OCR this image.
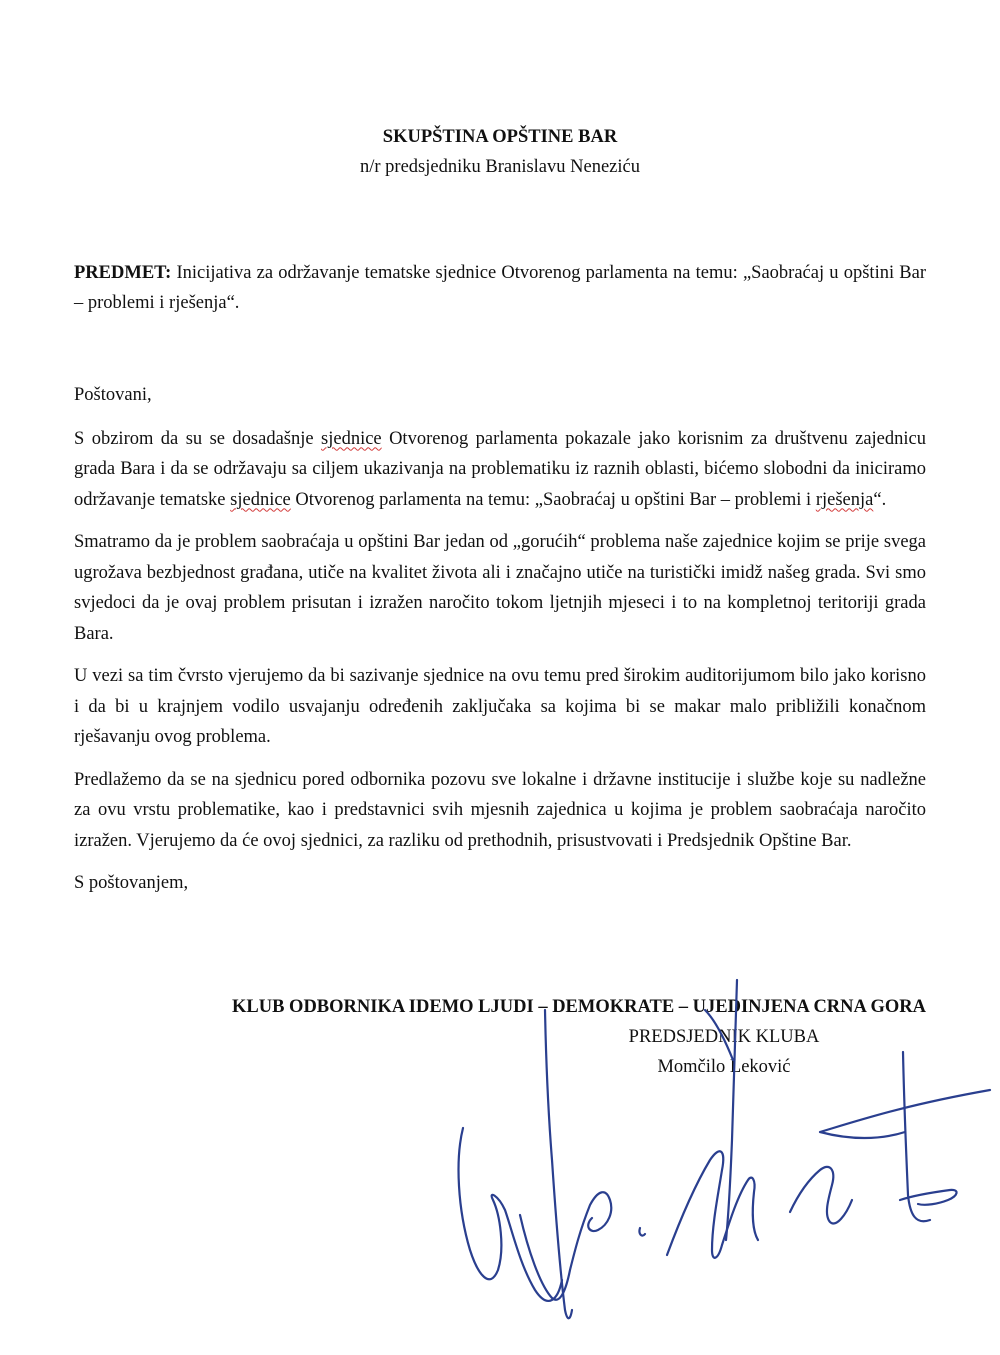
SKUPŠTINA OPŠTINE BAR
n/r predsjedniku Branislavu Neneziću
PREDMET: Inicijativa za održavanje tematske sjednice Otvorenog parlamenta na temu: „Saobraćaj u opštini Bar – problemi i rješenja“.

Poštovani,

S obzirom da su se dosadašnje sjednice Otvorenog parlamenta pokazale jako korisnim za društvenu zajednicu grada Bara i da se održavaju sa ciljem ukazivanja na problematiku iz raznih oblasti, bićemo slobodni da iniciramo održavanje tematske sjednice Otvorenog parlamenta na temu: „Saobraćaj u opštini Bar – problemi i rješenja“.

Smatramo da je problem saobraćaja u opštini Bar jedan od „gorućih“ problema naše zajednice kojim se prije svega ugrožava bezbjednost građana, utiče na kvalitet života ali i značajno utiče na turistički imidž našeg grada. Svi smo svjedoci da je ovaj problem prisutan i izražen naročito tokom ljetnjih mjeseci i to na kompletnoj teritoriji grada Bara.

U vezi sa tim čvrsto vjerujemo da bi sazivanje sjednice na ovu temu pred širokim auditorijumom bilo jako korisno i da bi u krajnjem vodilo usvajanju određenih zaključaka sa kojima bi se makar malo približili konačnom rješavanju ovog problema.

Predlažemo da se na sjednicu pored odbornika pozovu sve lokalne i državne institucije i službe koje su nadležne za ovu vrstu problematike, kao i predstavnici svih mjesnih zajednica u kojima je problem saobraćaja naročito izražen. Vjerujemo da će ovoj sjednici, za razliku od prethodnih, prisustvovati i Predsjednik Opštine Bar.

S poštovanjem,

KLUB ODBORNIKA IDEMO LJUDI – DEMOKRATE – UJEDINJENA CRNA GORA
PREDSJEDNIK KLUBA
Momčilo Leković
